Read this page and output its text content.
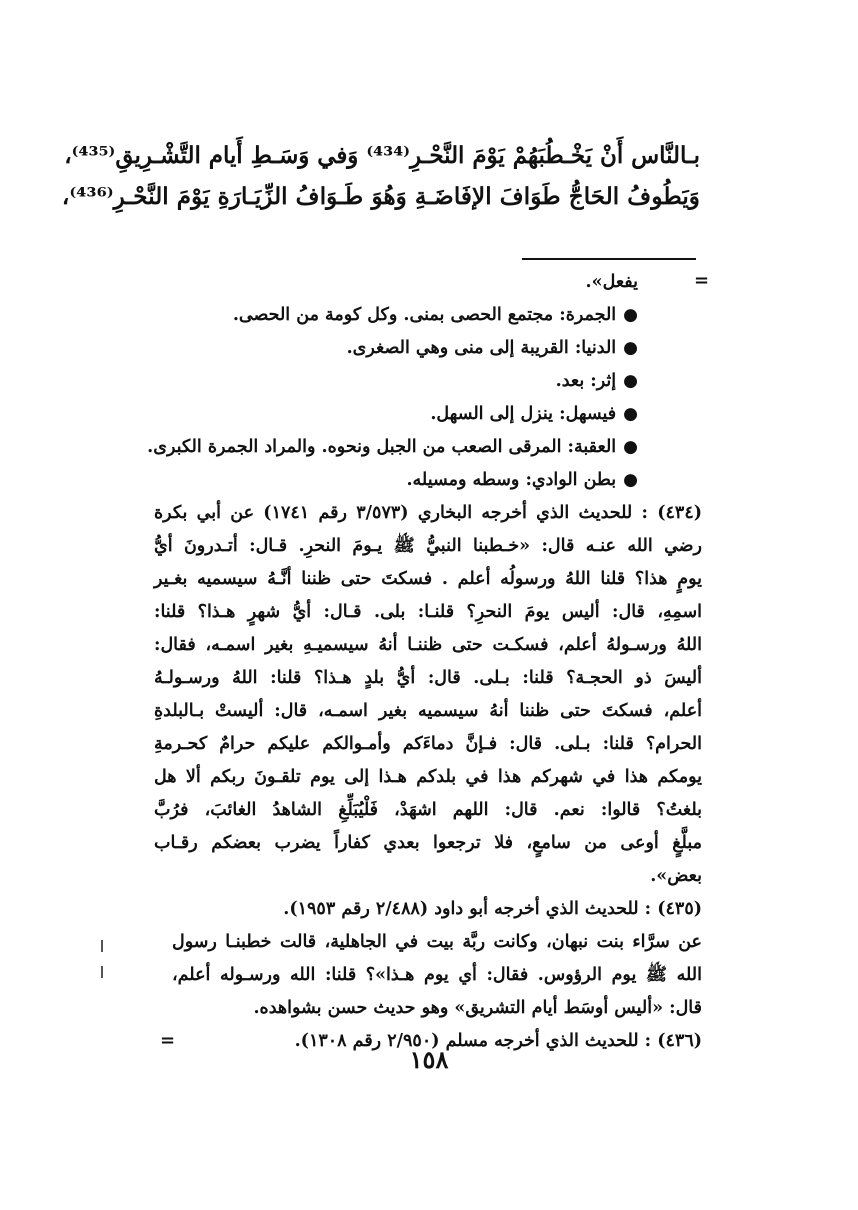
بـالنَّاس أَنْ يَخْـطُبَهُمْ يَوْمَ النَّحْـرِ⁽⁴³⁴⁾ وَفي وَسَـطِ أَيام التَّشْـرِيقِ⁽⁴³⁵⁾،
وَيَطُوفُ الحَاجُّ طَوَافَ الإفَاضَـةِ وَهُوَ طَـوَافُ الزِّيَـارَةِ يَوْمَ النَّحْـرِ⁽⁴³⁶⁾،
=
يفعل».
●الجمرة: مجتمع الحصى بمنى. وكل كومة من الحصى.
●الدنيا: القريبة إلى منى وهي الصغرى.
●إثر: بعد.
●فيسهل: ينزل إلى السهل.
●العقبة: المرقى الصعب من الجبل ونحوه. والمراد الجمرة الكبرى.
●بطن الوادي: وسطه ومسيله.
(٤٣٤) : للحديث الذي أخرجه البخاري (٣/٥٧٣ رقم ١٧٤١) عن أبي بكرة
رضي الله عنـه قال: «خـطبنا النبيُّ ﷺ يـومَ النحرِ. قـال: أتـدرونَ أيُّ
يومٍ هذا؟ قلنا اللهُ ورسولُه أعلم . فسكتَ حتى ظننا أنَّـهُ سيسميه بغـير
اسمِهِ، قال: أليس يومَ النحرِ؟ قلنـا: بلى. قـال: أيُّ شهرٍ هـذا؟ قلنا:
اللهُ ورسـولهُ أعلم، فسكـت حتى ظننـا أنهُ سيسميـهِ بغير اسمـه، فقال:
أليسَ ذو الحجـة؟ قلنا: بـلى. قال: أيُّ بلدٍ هـذا؟ قلنا: اللهُ ورسـولـهُ
أعلم، فسكتَ حتى ظننا أنهُ سيسميه بغير اسمـه، قال: أليستْ بـالبلدةِ
الحرام؟ قلنا: بـلى. قال: فـإنَّ دماءَكم وأمـوالكم عليكم حرامٌ كحـرمةِ
يومكم هذا في شهركم هذا في بلدكم هـذا إلى يوم تلقـونَ ربكم ألا هل
بلغتُ؟ قالوا: نعم. قال: اللهم اشهَدْ، فَلْيُبَلِّغِ الشاهدُ الغائبَ، فرُبَّ
مبلَّغٍ أوعى من سامعٍ، فلا ترجعوا بعدي كفاراً يضرب بعضكم رقـاب
بعض».
(٤٣٥) : للحديث الذي أخرجه أبو داود (٢/٤٨٨ رقم ١٩٥٣).
عن سرَّاء بنت نبهان، وكانت ربَّة بيت في الجاهلية، قالت خطبنـا رسول
الله ﷺ يوم الرؤوس. فقال: أي يوم هـذا»؟ قلنا: الله ورسـوله أعلم،
قال: «أليس أوسَط أيام التشريق» وهو حديث حسن بشواهده.
=	(٤٣٦) : للحديث الذي أخرجه مسلم (٢/٩٥٠ رقم ١٣٠٨).
١٥٨
